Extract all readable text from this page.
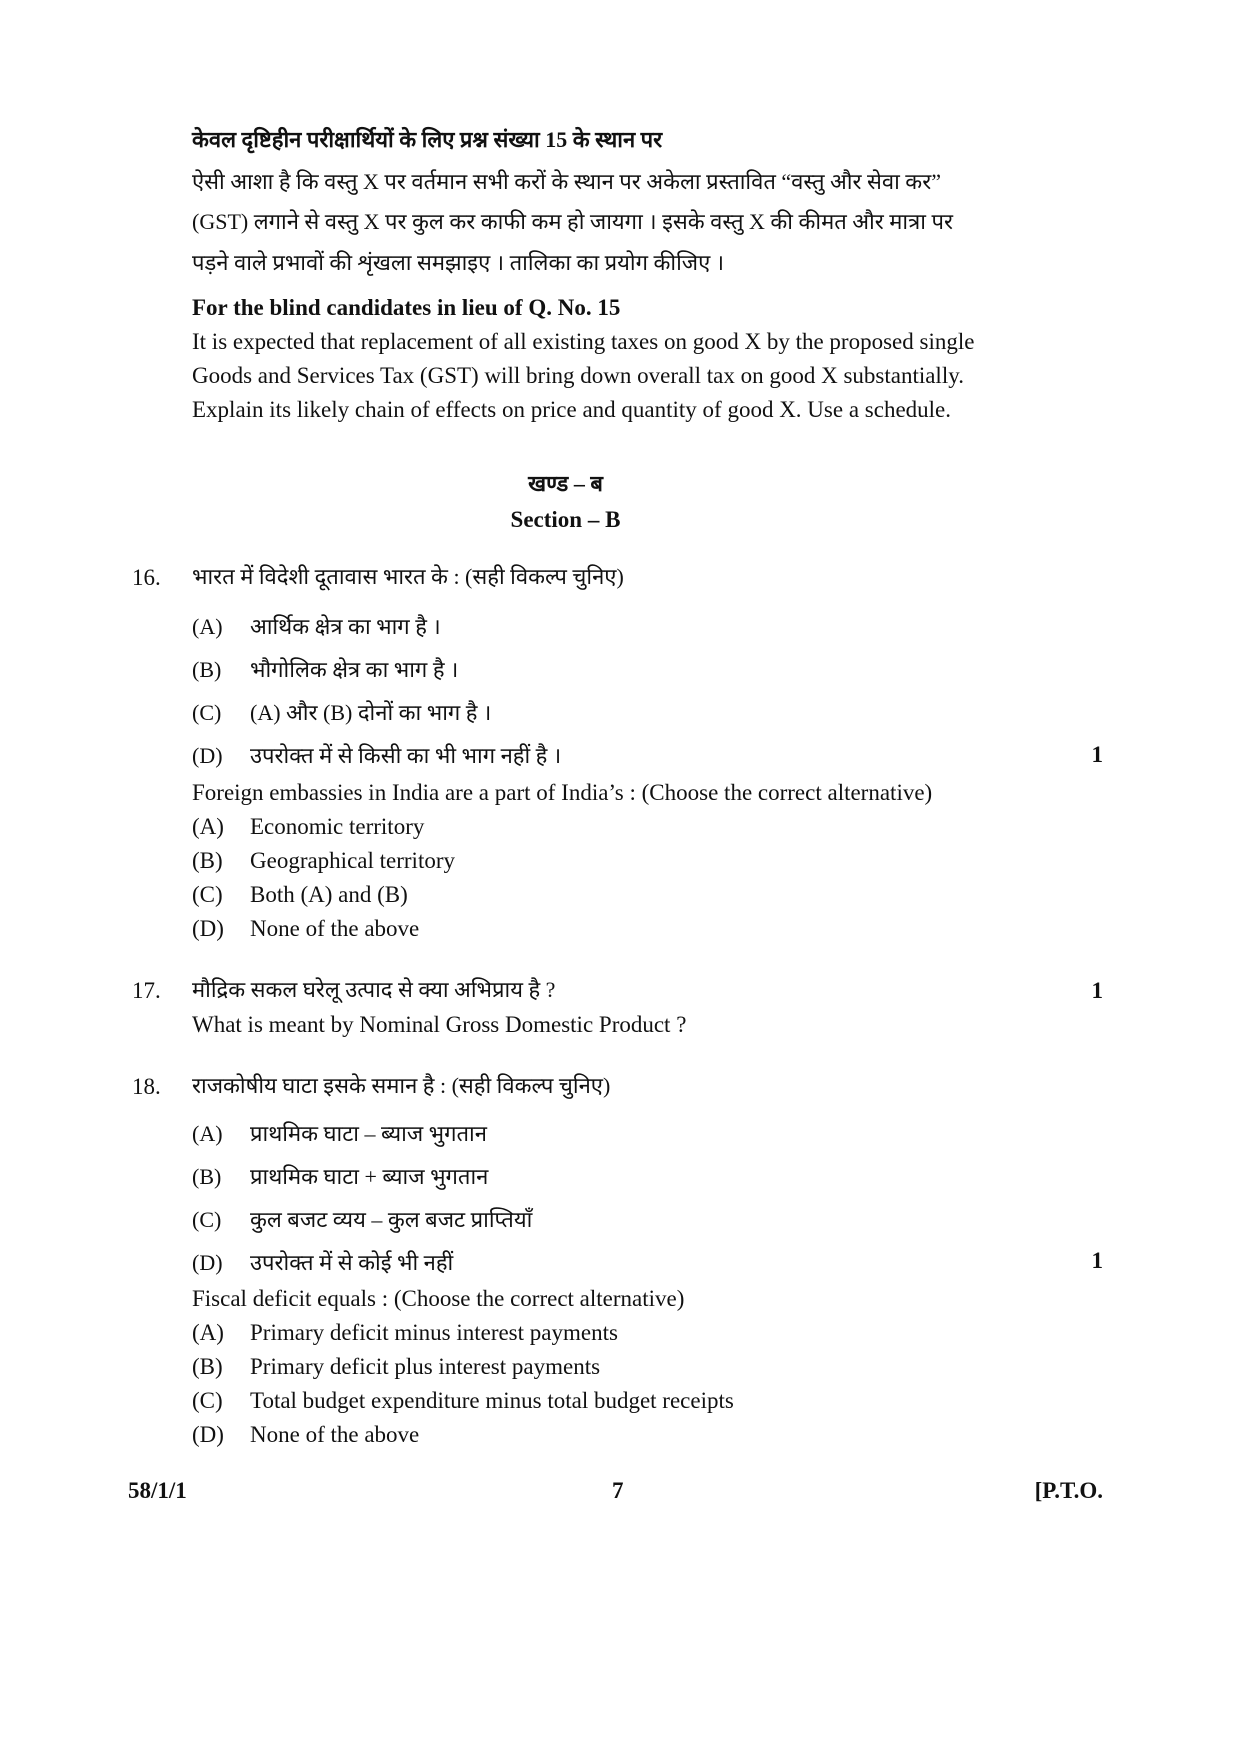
केवल दृष्टिहीन परीक्षार्थियों के लिए प्रश्न संख्या 15 के स्थान पर
ऐसी आशा है कि वस्तु X पर वर्तमान सभी करों के स्थान पर अकेला प्रस्तावित “वस्तु और सेवा कर”
(GST) लगाने से वस्तु X पर कुल कर काफी कम हो जायगा । इसके वस्तु X की कीमत और मात्रा पर
पड़ने वाले प्रभावों की शृंखला समझाइए । तालिका का प्रयोग कीजिए ।
For the blind candidates in lieu of Q. No. 15
It is expected that replacement of all existing taxes on good X by the proposed single
Goods and Services Tax (GST) will bring down overall tax on good X substantially.
Explain its likely chain of effects on price and quantity of good X. Use a schedule.
खण्ड – ब
Section – B
16. भारत में विदेशी दूतावास भारत के : (सही विकल्प चुनिए)
(A) आर्थिक क्षेत्र का भाग है ।
(B) भौगोलिक क्षेत्र का भाग है ।
(C) (A) और (B) दोनों का भाग है ।
(D) उपरोक्त में से किसी का भी भाग नहीं है ।	1
Foreign embassies in India are a part of India’s : (Choose the correct alternative)
(A) Economic territory
(B) Geographical territory
(C) Both (A) and (B)
(D) None of the above
17. मौद्रिक सकल घरेलू उत्पाद से क्या अभिप्राय है ?	1
What is meant by Nominal Gross Domestic Product ?
18. राजकोषीय घाटा इसके समान है : (सही विकल्प चुनिए)
(A) प्राथमिक घाटा – ब्याज भुगतान
(B) प्राथमिक घाटा + ब्याज भुगतान
(C) कुल बजट व्यय – कुल बजट प्राप्तियाँ
(D) उपरोक्त में से कोई भी नहीं	1
Fiscal deficit equals : (Choose the correct alternative)
(A) Primary deficit minus interest payments
(B) Primary deficit plus interest payments
(C) Total budget expenditure minus total budget receipts
(D) None of the above
58/1/1	7	[P.T.O.
